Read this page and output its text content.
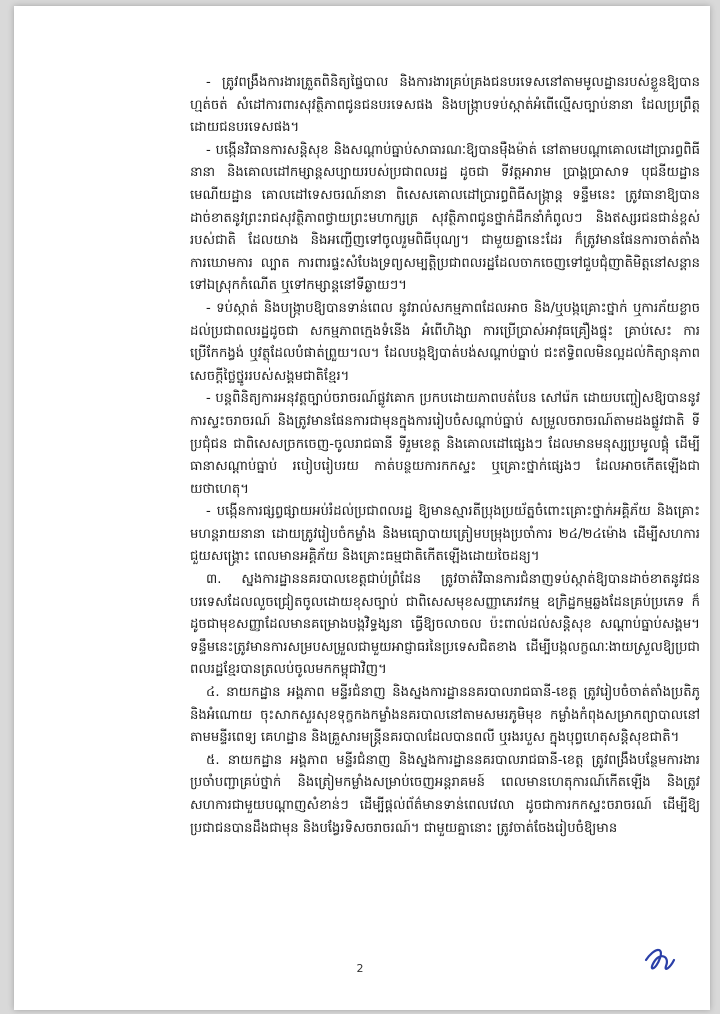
- ត្រូវពង្រឹងការងារត្រួតពិនិត្យផ្ទៃបាល និងការងារគ្រប់គ្រងជនបរទេសនៅតាមមូលដ្ឋានរបស់ខ្លួនឱ្យបានហ្មត់ចត់ សំដៅការពារសុវត្ថិភាពជូនជនបរទេសផង និងបង្ក្រាបទប់ស្កាត់អំពើល្មើសច្បាប់នានា ដែលប្រព្រឹត្តដោយជនបរទេសផង។

- បង្កើនវិធានការសន្តិសុខ និងសណ្តាប់ធ្នាប់សាធារណៈឱ្យបានម៉ឺងម៉ាត់ នៅតាមបណ្តាគោលដៅប្រារព្ធពិធីនានា និងគោលដៅកម្សាន្តសប្បាយរបស់ប្រជាពលរដ្ឋ ដូចជា ទីវត្តអារាម ប្រាង្គប្រាសាទ បុជនីយដ្ឋាន មេណីយដ្ឋាន គោលដៅទេសចរណ៍នានា ពិសេសគោលដៅប្រារព្ធពិធីសង្ក្រាន្ត ទន្ទឹមនេះ ត្រូវធានាឱ្យបានដាច់ខាតនូវព្រះរាជសុវត្ថិភាពថ្វាយព្រះមហាក្សត្រ សុវត្ថិភាពជូនថ្នាក់ដឹកនាំកំពូលៗ និងឥស្សរជនជាន់ខ្ពស់របស់ជាតិ ដែលយាង និងអញ្ជើញទៅចូលរួមពិធីបុណ្យ។ ជាមួយគ្នានេះដែរ ក៏ត្រូវមានផែនការចាត់តាំងការឃោមការ ល្បាត ការពារផ្ទះសំបែងទ្រព្យសម្បត្តិប្រជាពលរដ្ឋដែលចាកចេញទៅជួបជុំញាតិមិត្តនៅសន្តានទៅឯស្រុកកំណើត ឬទៅកម្សាន្តនៅទីឆ្ងាយៗ។

- ទប់ស្កាត់ និងបង្ក្រាបឱ្យបានទាន់ពេល នូវរាល់សកម្មភាពដែលអាច និង/ឬបង្កគ្រោះថ្នាក់ ឬការភ័យខ្លាចដល់ប្រជាពលរដ្ឋដូចជា សកម្មភាពក្មេងទំនើង អំពើហិង្សា ការប្រើប្រាស់អាវុធគ្រឿងផ្ទុះ គ្រាប់សេះ ការប្រើកែកង្វង់ ឬវត្ថុដែលបំផាត់ព្រួយ។ល។ ដែលបង្កឱ្យបាត់បង់សណ្តាប់ធ្នាប់ ជះឥទ្ធិពលមិនល្អដល់កិត្យានុភាព សេចក្តីថ្លៃថ្នូររបស់សង្គមជាតិខ្មែរ។

- បន្តពិនិត្យការអនុវត្តច្បាប់ចរាចរណ៍ផ្លូវគោក ប្រកបដោយភាពបត់បែន សៅរ៉េក ដោយបញ្ចៀសឱ្យបាននូវការស្ទះចរាចរណ៍ និងត្រូវមានផែនការជាមុនក្នុងការរៀបចំសណ្តាប់ធ្នាប់ សម្រួលចរាចរណ៍តាមដងផ្លូវជាតិ ទីប្រជុំជន ជាពិសេសច្រកចេញ-ចូលរាជធានី ទីរួមខេត្ត និងគោលដៅផ្សេងៗ ដែលមានមនុស្សប្រមូលផ្តុំ ដើម្បីធានាសណ្តាប់ធ្នាប់ របៀបរៀបរយ កាត់បន្ថយការកកស្ទះ ឬគ្រោះថ្នាក់ផ្សេងៗ ដែលអាចកើតឡើងជាយថាហេតុ។

- បង្កើនការផ្សព្វផ្សាយអប់រំដល់ប្រជាពលរដ្ឋ ឱ្យមានស្មារតីប្រុងប្រយ័ត្នចំពោះគ្រោះថ្នាក់អគ្គិភ័យ និងគ្រោះមហន្តរាយនានា ដោយត្រូវរៀបចំកម្លាំង និងមធ្យោបាយត្រៀមបម្រុងប្រចាំការ ២៤/២៤ម៉ោង ដើម្បីសហការ ជួយសង្គ្រោះ ពេលមានអគ្គិភ័យ និងគ្រោះធម្មជាតិកើតឡើងដោយចៃដន្យ។

៣. ស្នងការដ្ឋាននគរបាលខេត្តជាប់ព្រំដែន ត្រូវចាត់វិធានការជំនាញទប់ស្កាត់ឱ្យបានដាច់ខាតនូវជនបរទេសដែលលួចជ្រៀតចូលដោយខុសច្បាប់ ជាពិសេសមុខសញ្ញាភេរវកម្ម ឧក្រិដ្ឋកម្មឆ្លងដែនគ្រប់ប្រភេទ ក៏ដូចជាមុខសញ្ញាដែលមានគម្រោងបង្កវិទ្ធង្សនា ធ្វើឱ្យចលាចល ប៉ះពាល់ដល់សន្តិសុខ សណ្តាប់ធ្នាប់សង្គម។ ទន្ទឹមនេះត្រូវមានការសម្របសម្រួលជាមួយអាជ្ញាធរនៃប្រទេសជិតខាង ដើម្បីបង្កលក្ខណៈងាយស្រួលឱ្យប្រជាពលរដ្ឋខ្មែរបានត្រលប់ចូលមកកម្ពុជាវិញ។

៤. នាយកដ្ឋាន អង្គភាព មន្ទីរជំនាញ និងស្នងការដ្ឋាននគរបាលរាជធានី-ខេត្ត ត្រូវរៀបចំចាត់តាំងប្រតិភូ និងអំណោយ ចុះសាកសួរសុខទុក្ខកងកម្លាំងនគរបាលនៅតាមសមរភូមិមុខ កម្លាំងកំពុងសម្រាកព្យាបាលនៅតាមមន្ទីរពេទ្យ គេហដ្ឋាន និងគ្រួសារមន្ត្រីនគរបាលដែលបានពលី ឬរងរបួស ក្នុងបុព្វហេតុសន្តិសុខជាតិ។

៥. នាយកដ្ឋាន អង្គភាព មន្ទីរជំនាញ និងស្នងការដ្ឋាននគរបាលរាជធានី-ខេត្ត ត្រូវពង្រឹងបន្ថែមការងារប្រចាំបញ្ជាគ្រប់ថ្នាក់ និងត្រៀមកម្លាំងសម្រាប់ចេញអន្តរាគមន៍ ពេលមានហេតុការណ៍កើតឡើង និងត្រូវសហការជាមួយបណ្តាញសំខាន់ៗ ដើម្បីផ្តល់ព័ត៌មានទាន់ពេលវេលា ដូចជាការកកស្ទះចរាចរណ៍ ដើម្បីឱ្យប្រជាជនបានដឹងជាមុន និងបង្វែរទិសចរាចរណ៍។ ជាមួយគ្នានោះ ត្រូវចាត់ចែងរៀបចំឱ្យមាន

2
